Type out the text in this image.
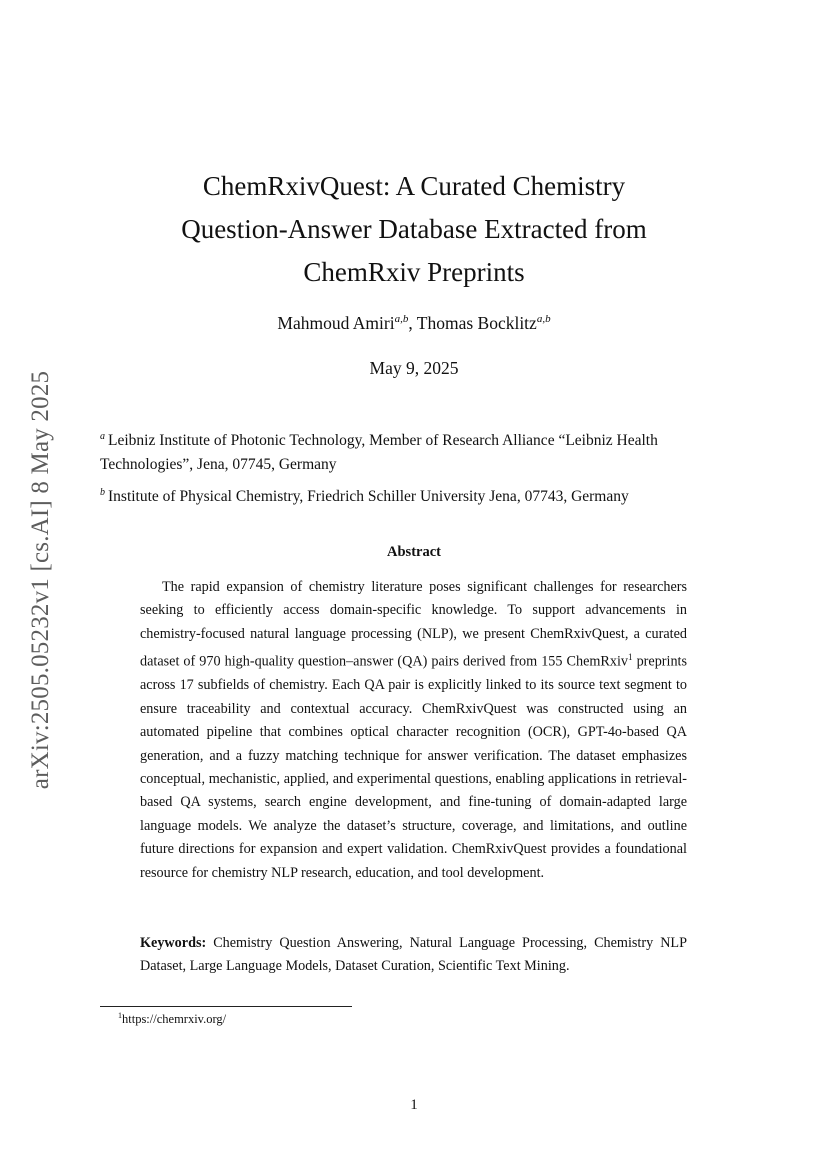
arXiv:2505.05232v1 [cs.AI] 8 May 2025
ChemRxivQuest: A Curated Chemistry
Question-Answer Database Extracted from
ChemRxiv Preprints
Mahmoud Amiri$^{a,b}$, Thomas Bocklitz$^{a,b}$
May 9, 2025

$^a$ Leibniz Institute of Photonic Technology, Member of Research Alliance “Leibniz Health Technologies”, Jena, 07745, Germany

$^b$ Institute of Physical Chemistry, Friedrich Schiller University Jena, 07743, Germany

Abstract

The rapid expansion of chemistry literature poses significant challenges for researchers seeking to efficiently access domain-specific knowledge. To support advancements in chemistry-focused natural language processing (NLP), we present ChemRxivQuest, a curated dataset of 970 high-quality question–answer (QA) pairs derived from 155 ChemRxiv$^1$ preprints across 17 subfields of chemistry. Each QA pair is explicitly linked to its source text segment to ensure traceability and contextual accuracy. ChemRxivQuest was constructed using an automated pipeline that combines optical character recognition (OCR), GPT-4o-based QA generation, and a fuzzy matching technique for answer verification. The dataset emphasizes conceptual, mechanistic, applied, and experimental questions, enabling applications in retrieval-based QA systems, search engine development, and fine-tuning of domain-adapted large language models. We analyze the dataset’s structure, coverage, and limitations, and outline future directions for expansion and expert validation. ChemRxivQuest provides a foundational resource for chemistry NLP research, education, and tool development.

Keywords: Chemistry Question Answering, Natural Language Processing, Chemistry NLP Dataset, Large Language Models, Dataset Curation, Scientific Text Mining.

$^1$https://chemrxiv.org/
1
